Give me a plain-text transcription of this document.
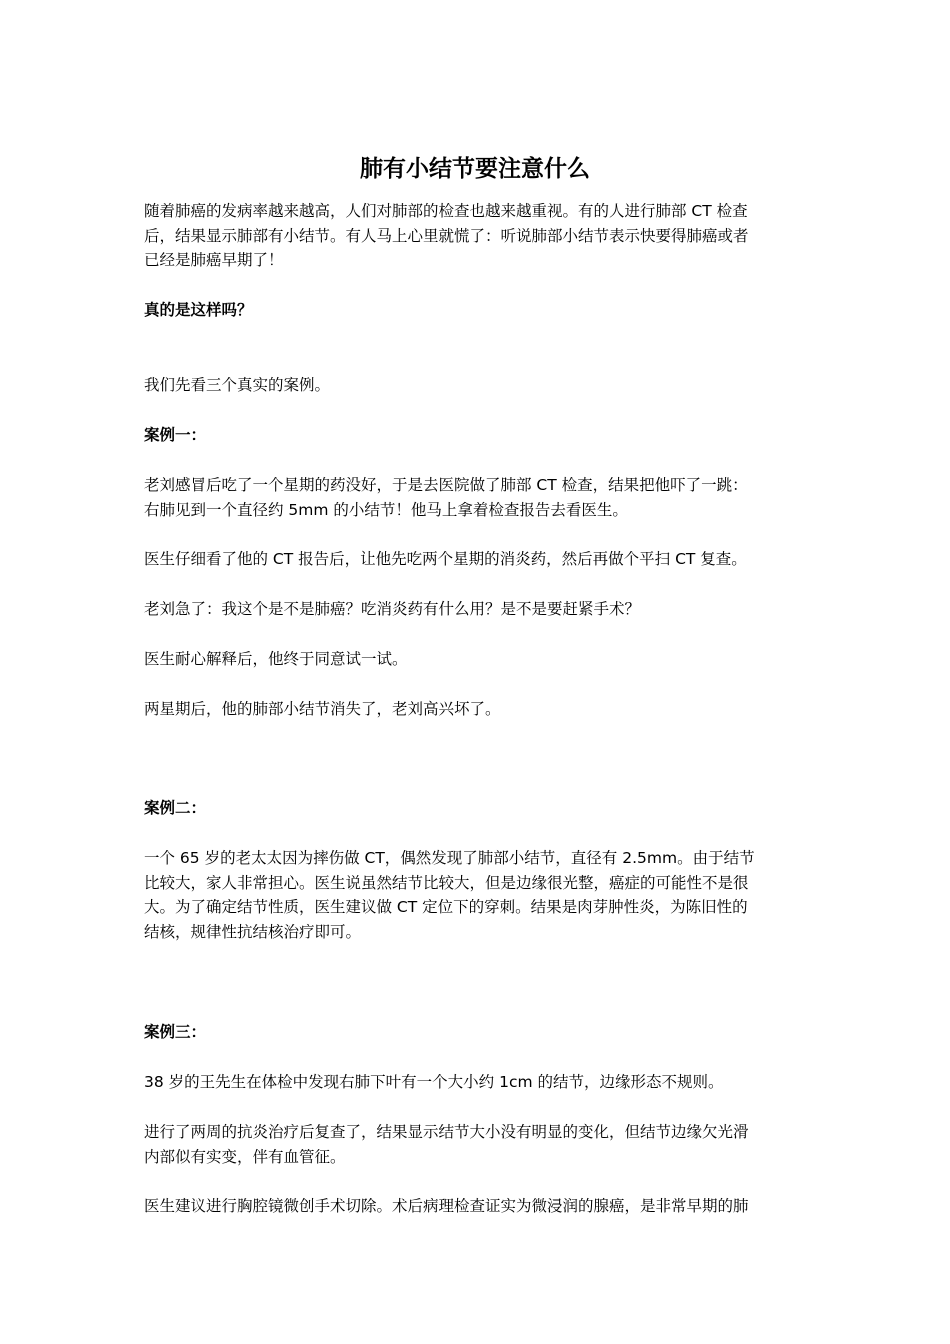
肺有小结节要注意什么

随着肺癌的发病率越来越高，人们对肺部的检查也越来越重视。有的人进行肺部 CT 检查
后，结果显示肺部有小结节。有人马上心里就慌了：听说肺部小结节表示快要得肺癌或者
已经是肺癌早期了！

真的是这样吗？

我们先看三个真实的案例。

案例一：

老刘感冒后吃了一个星期的药没好，于是去医院做了肺部 CT 检查，结果把他吓了一跳：
右肺见到一个直径约 5mm 的小结节！他马上拿着检查报告去看医生。

医生仔细看了他的 CT 报告后，让他先吃两个星期的消炎药，然后再做个平扫 CT 复查。

老刘急了：我这个是不是肺癌？吃消炎药有什么用？是不是要赶紧手术？

医生耐心解释后，他终于同意试一试。

两星期后，他的肺部小结节消失了，老刘高兴坏了。

案例二：

一个 65 岁的老太太因为摔伤做 CT，偶然发现了肺部小结节，直径有 2.5mm。由于结节
比较大，家人非常担心。医生说虽然结节比较大，但是边缘很光整，癌症的可能性不是很
大。为了确定结节性质，医生建议做 CT 定位下的穿刺。结果是肉芽肿性炎，为陈旧性的
结核，规律性抗结核治疗即可。

案例三：

38 岁的王先生在体检中发现右肺下叶有一个大小约 1cm 的结节，边缘形态不规则。

进行了两周的抗炎治疗后复查了，结果显示结节大小没有明显的变化，但结节边缘欠光滑
内部似有实变，伴有血管征。

医生建议进行胸腔镜微创手术切除。术后病理检查证实为微浸润的腺癌，是非常早期的肺
